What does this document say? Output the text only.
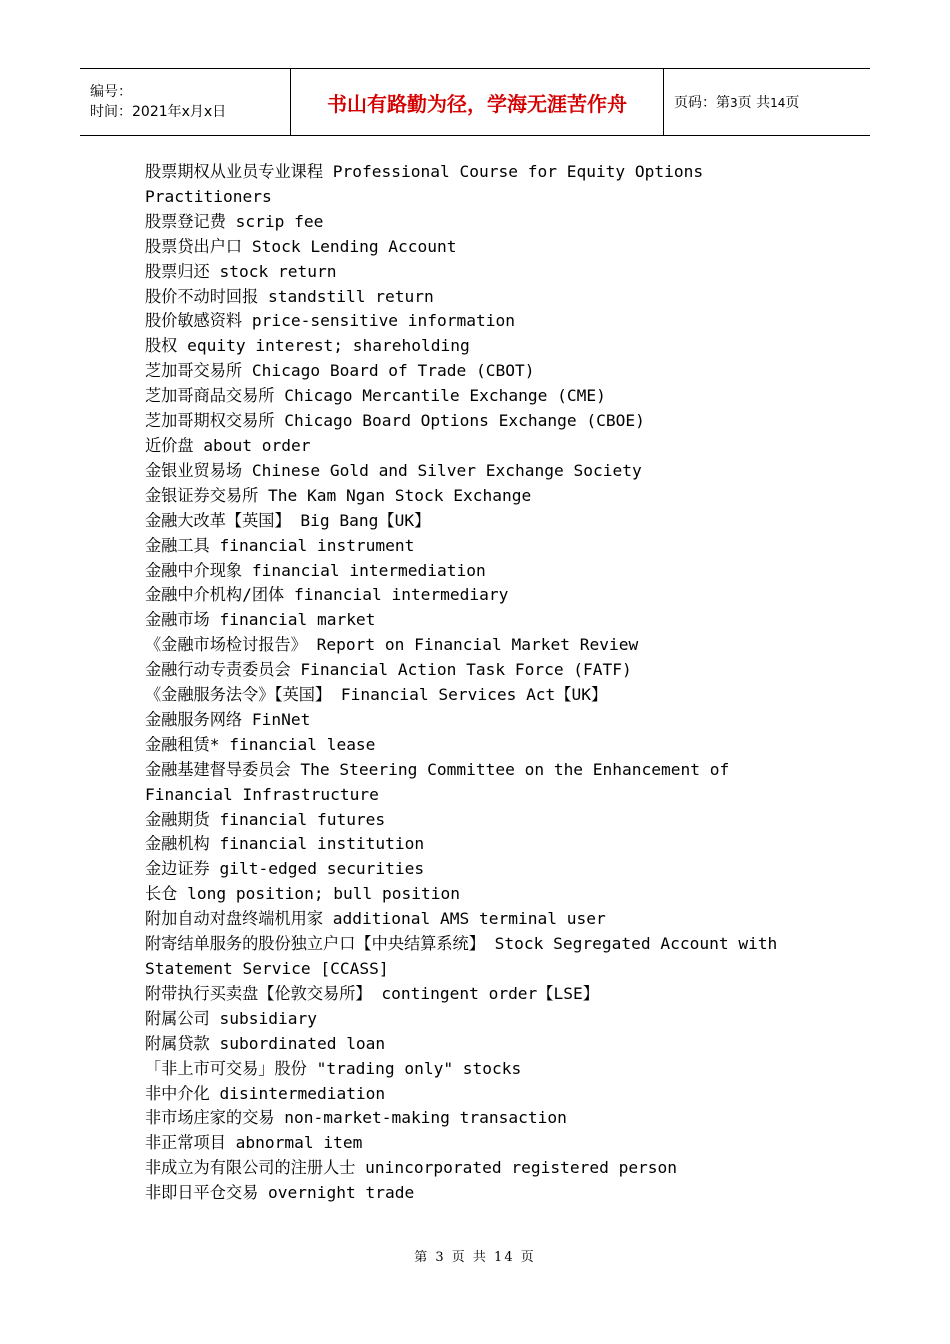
编号：
时间：2021年x月x日	书山有路勤为径，学海无涯苦作舟	页码：第3页 共14页
股票期权从业员专业课程 Professional Course for Equity Options Practitioners
股票登记费 scrip fee
股票贷出户口 Stock Lending Account
股票归还 stock return
股价不动时回报 standstill return
股价敏感资料 price-sensitive information
股权 equity interest; shareholding
芝加哥交易所 Chicago Board of Trade (CBOT)
芝加哥商品交易所 Chicago Mercantile Exchange (CME)
芝加哥期权交易所 Chicago Board Options Exchange (CBOE)
近价盘 about order
金银业贸易场 Chinese Gold and Silver Exchange Society
金银证券交易所 The Kam Ngan Stock Exchange
金融大改革【英国】 Big Bang【UK】
金融工具 financial instrument
金融中介现象 financial intermediation
金融中介机构/团体 financial intermediary
金融市场 financial market
《金融市场检讨报告》 Report on Financial Market Review
金融行动专责委员会 Financial Action Task Force (FATF)
《金融服务法令》【英国】 Financial Services Act【UK】
金融服务网络 FinNet
金融租赁* financial lease
金融基建督导委员会 The Steering Committee on the Enhancement of Financial Infrastructure
金融期货 financial futures
金融机构 financial institution
金边证券 gilt-edged securities
长仓 long position; bull position
附加自动对盘终端机用家 additional AMS terminal user
附寄结单服务的股份独立户口【中央结算系统】 Stock Segregated Account with Statement Service [CCASS]
附带执行买卖盘【伦敦交易所】 contingent order【LSE】
附属公司 subsidiary
附属贷款 subordinated loan
「非上市可交易」股份 "trading only" stocks
非中介化 disintermediation
非市场庄家的交易 non-market-making transaction
非正常项目 abnormal item
非成立为有限公司的注册人士 unincorporated registered person
非即日平仓交易 overnight trade
第 3 页 共 14 页
